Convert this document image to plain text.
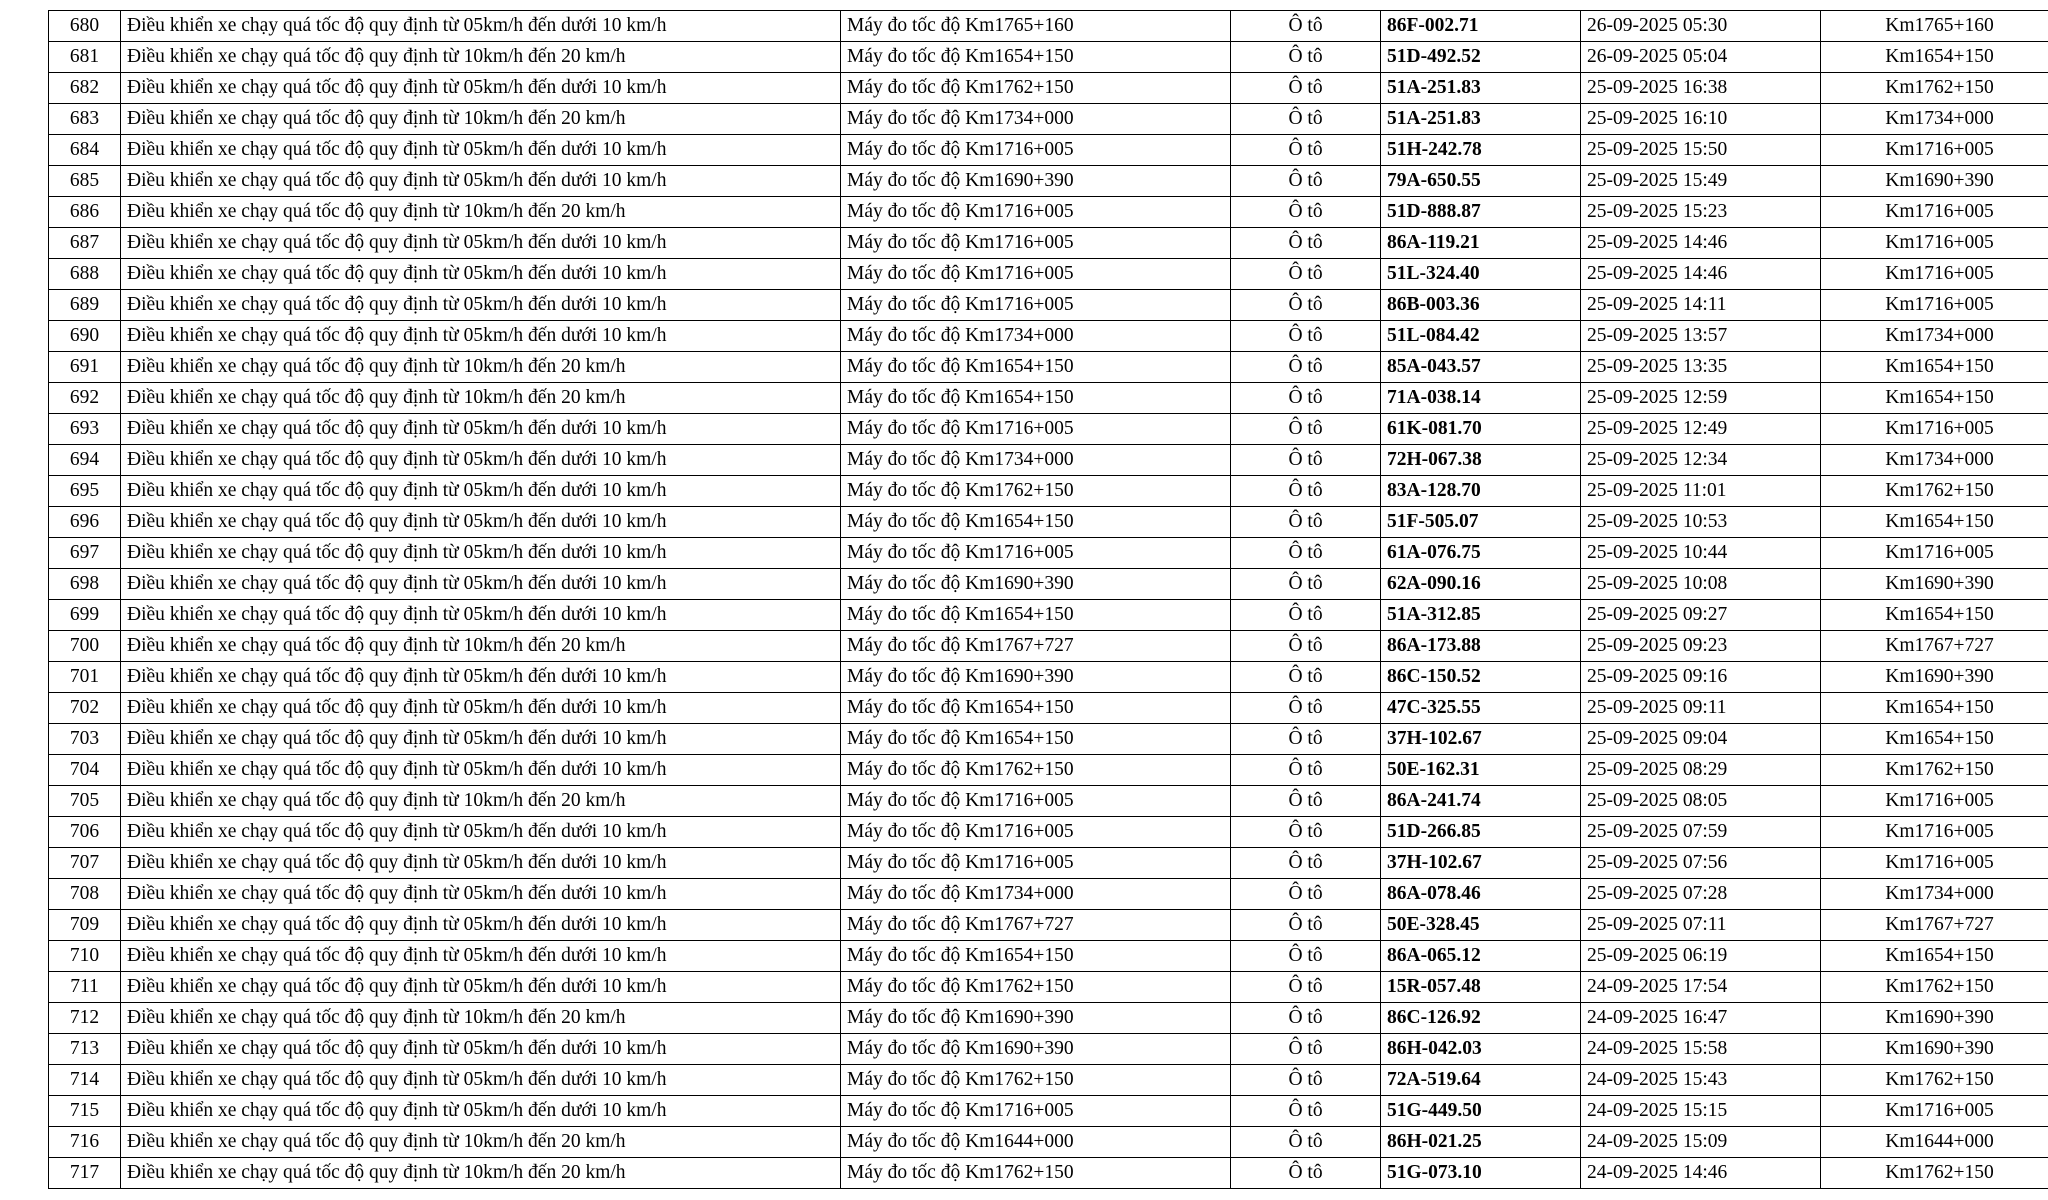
680	Điều khiển xe chạy quá tốc độ quy định từ 05km/h đến dưới 10 km/h	Máy đo tốc độ Km1765+160	Ô tô	86F-002.71	26-09-2025 05:30	Km1765+160
681	Điều khiển xe chạy quá tốc độ quy định từ 10km/h đến 20 km/h	Máy đo tốc độ Km1654+150	Ô tô	51D-492.52	26-09-2025 05:04	Km1654+150
682	Điều khiển xe chạy quá tốc độ quy định từ 05km/h đến dưới 10 km/h	Máy đo tốc độ Km1762+150	Ô tô	51A-251.83	25-09-2025 16:38	Km1762+150
683	Điều khiển xe chạy quá tốc độ quy định từ 10km/h đến 20 km/h	Máy đo tốc độ Km1734+000	Ô tô	51A-251.83	25-09-2025 16:10	Km1734+000
684	Điều khiển xe chạy quá tốc độ quy định từ 05km/h đến dưới 10 km/h	Máy đo tốc độ Km1716+005	Ô tô	51H-242.78	25-09-2025 15:50	Km1716+005
685	Điều khiển xe chạy quá tốc độ quy định từ 05km/h đến dưới 10 km/h	Máy đo tốc độ Km1690+390	Ô tô	79A-650.55	25-09-2025 15:49	Km1690+390
686	Điều khiển xe chạy quá tốc độ quy định từ 10km/h đến 20 km/h	Máy đo tốc độ Km1716+005	Ô tô	51D-888.87	25-09-2025 15:23	Km1716+005
687	Điều khiển xe chạy quá tốc độ quy định từ 05km/h đến dưới 10 km/h	Máy đo tốc độ Km1716+005	Ô tô	86A-119.21	25-09-2025 14:46	Km1716+005
688	Điều khiển xe chạy quá tốc độ quy định từ 05km/h đến dưới 10 km/h	Máy đo tốc độ Km1716+005	Ô tô	51L-324.40	25-09-2025 14:46	Km1716+005
689	Điều khiển xe chạy quá tốc độ quy định từ 05km/h đến dưới 10 km/h	Máy đo tốc độ Km1716+005	Ô tô	86B-003.36	25-09-2025 14:11	Km1716+005
690	Điều khiển xe chạy quá tốc độ quy định từ 05km/h đến dưới 10 km/h	Máy đo tốc độ Km1734+000	Ô tô	51L-084.42	25-09-2025 13:57	Km1734+000
691	Điều khiển xe chạy quá tốc độ quy định từ 10km/h đến 20 km/h	Máy đo tốc độ Km1654+150	Ô tô	85A-043.57	25-09-2025 13:35	Km1654+150
692	Điều khiển xe chạy quá tốc độ quy định từ 10km/h đến 20 km/h	Máy đo tốc độ Km1654+150	Ô tô	71A-038.14	25-09-2025 12:59	Km1654+150
693	Điều khiển xe chạy quá tốc độ quy định từ 05km/h đến dưới 10 km/h	Máy đo tốc độ Km1716+005	Ô tô	61K-081.70	25-09-2025 12:49	Km1716+005
694	Điều khiển xe chạy quá tốc độ quy định từ 05km/h đến dưới 10 km/h	Máy đo tốc độ Km1734+000	Ô tô	72H-067.38	25-09-2025 12:34	Km1734+000
695	Điều khiển xe chạy quá tốc độ quy định từ 05km/h đến dưới 10 km/h	Máy đo tốc độ Km1762+150	Ô tô	83A-128.70	25-09-2025 11:01	Km1762+150
696	Điều khiển xe chạy quá tốc độ quy định từ 05km/h đến dưới 10 km/h	Máy đo tốc độ Km1654+150	Ô tô	51F-505.07	25-09-2025 10:53	Km1654+150
697	Điều khiển xe chạy quá tốc độ quy định từ 05km/h đến dưới 10 km/h	Máy đo tốc độ Km1716+005	Ô tô	61A-076.75	25-09-2025 10:44	Km1716+005
698	Điều khiển xe chạy quá tốc độ quy định từ 05km/h đến dưới 10 km/h	Máy đo tốc độ Km1690+390	Ô tô	62A-090.16	25-09-2025 10:08	Km1690+390
699	Điều khiển xe chạy quá tốc độ quy định từ 05km/h đến dưới 10 km/h	Máy đo tốc độ Km1654+150	Ô tô	51A-312.85	25-09-2025 09:27	Km1654+150
700	Điều khiển xe chạy quá tốc độ quy định từ 10km/h đến 20 km/h	Máy đo tốc độ Km1767+727	Ô tô	86A-173.88	25-09-2025 09:23	Km1767+727
701	Điều khiển xe chạy quá tốc độ quy định từ 05km/h đến dưới 10 km/h	Máy đo tốc độ Km1690+390	Ô tô	86C-150.52	25-09-2025 09:16	Km1690+390
702	Điều khiển xe chạy quá tốc độ quy định từ 05km/h đến dưới 10 km/h	Máy đo tốc độ Km1654+150	Ô tô	47C-325.55	25-09-2025 09:11	Km1654+150
703	Điều khiển xe chạy quá tốc độ quy định từ 05km/h đến dưới 10 km/h	Máy đo tốc độ Km1654+150	Ô tô	37H-102.67	25-09-2025 09:04	Km1654+150
704	Điều khiển xe chạy quá tốc độ quy định từ 05km/h đến dưới 10 km/h	Máy đo tốc độ Km1762+150	Ô tô	50E-162.31	25-09-2025 08:29	Km1762+150
705	Điều khiển xe chạy quá tốc độ quy định từ 10km/h đến 20 km/h	Máy đo tốc độ Km1716+005	Ô tô	86A-241.74	25-09-2025 08:05	Km1716+005
706	Điều khiển xe chạy quá tốc độ quy định từ 05km/h đến dưới 10 km/h	Máy đo tốc độ Km1716+005	Ô tô	51D-266.85	25-09-2025 07:59	Km1716+005
707	Điều khiển xe chạy quá tốc độ quy định từ 05km/h đến dưới 10 km/h	Máy đo tốc độ Km1716+005	Ô tô	37H-102.67	25-09-2025 07:56	Km1716+005
708	Điều khiển xe chạy quá tốc độ quy định từ 05km/h đến dưới 10 km/h	Máy đo tốc độ Km1734+000	Ô tô	86A-078.46	25-09-2025 07:28	Km1734+000
709	Điều khiển xe chạy quá tốc độ quy định từ 05km/h đến dưới 10 km/h	Máy đo tốc độ Km1767+727	Ô tô	50E-328.45	25-09-2025 07:11	Km1767+727
710	Điều khiển xe chạy quá tốc độ quy định từ 05km/h đến dưới 10 km/h	Máy đo tốc độ Km1654+150	Ô tô	86A-065.12	25-09-2025 06:19	Km1654+150
711	Điều khiển xe chạy quá tốc độ quy định từ 05km/h đến dưới 10 km/h	Máy đo tốc độ Km1762+150	Ô tô	15R-057.48	24-09-2025 17:54	Km1762+150
712	Điều khiển xe chạy quá tốc độ quy định từ 10km/h đến 20 km/h	Máy đo tốc độ Km1690+390	Ô tô	86C-126.92	24-09-2025 16:47	Km1690+390
713	Điều khiển xe chạy quá tốc độ quy định từ 05km/h đến dưới 10 km/h	Máy đo tốc độ Km1690+390	Ô tô	86H-042.03	24-09-2025 15:58	Km1690+390
714	Điều khiển xe chạy quá tốc độ quy định từ 05km/h đến dưới 10 km/h	Máy đo tốc độ Km1762+150	Ô tô	72A-519.64	24-09-2025 15:43	Km1762+150
715	Điều khiển xe chạy quá tốc độ quy định từ 05km/h đến dưới 10 km/h	Máy đo tốc độ Km1716+005	Ô tô	51G-449.50	24-09-2025 15:15	Km1716+005
716	Điều khiển xe chạy quá tốc độ quy định từ 10km/h đến 20 km/h	Máy đo tốc độ Km1644+000	Ô tô	86H-021.25	24-09-2025 15:09	Km1644+000
717	Điều khiển xe chạy quá tốc độ quy định từ 10km/h đến 20 km/h	Máy đo tốc độ Km1762+150	Ô tô	51G-073.10	24-09-2025 14:46	Km1762+150
